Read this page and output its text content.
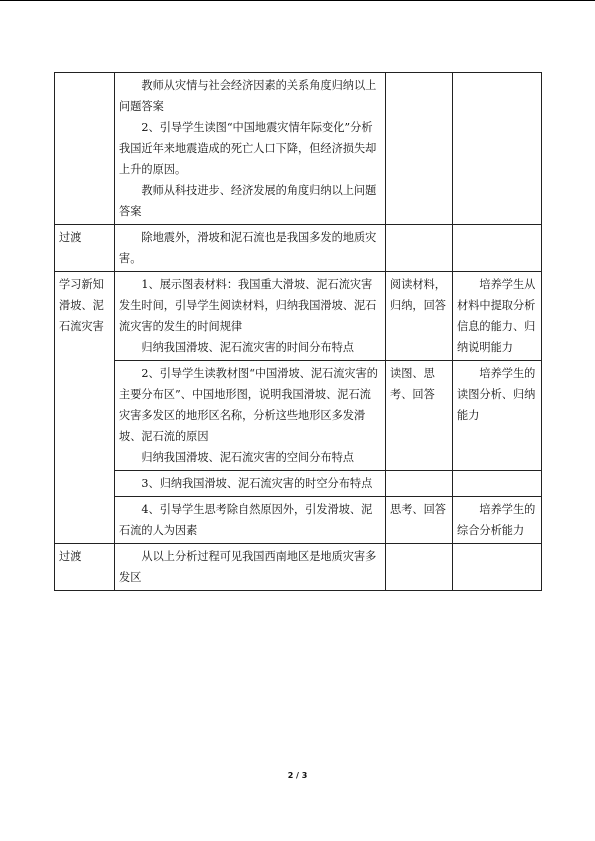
	教师从灾情与社会经济因素的关系角度归纳以上问题答案

2、引导学生读图“中国地震灾情年际变化”分析我国近年来地震造成的死亡人口下降，但经济损失却上升的原因。

教师从科技进步、经济发展的角度归纳以上问题答案		

过渡	除地震外，滑坡和泥石流也是我国多发的地质灾害。		

学习新知滑坡、泥石流灾害	1、展示图表材料：我国重大滑坡、泥石流灾害发生时间，引导学生阅读材料，归纳我国滑坡、泥石流灾害的发生的时间规律

归纳我国滑坡、泥石流灾害的时间分布特点	阅读材料，归纳，回答	培养学生从材料中提取分析信息的能力、归纳说明能力

	2、引导学生读教材图“中国滑坡、泥石流灾害的主要分布区”、中国地形图，说明我国滑坡、泥石流灾害多发区的地形区名称，分析这些地形区多发滑坡、泥石流的原因

归纳我国滑坡、泥石流灾害的空间分布特点	读图、思考、回答	培养学生的读图分析、归纳能力

	3、归纳我国滑坡、泥石流灾害的时空分布特点		

	4、引导学生思考除自然原因外，引发滑坡、泥石流的人为因素	思考、回答	培养学生的综合分析能力

过渡	从以上分析过程可见我国西南地区是地质灾害多发区		

2 / 3
